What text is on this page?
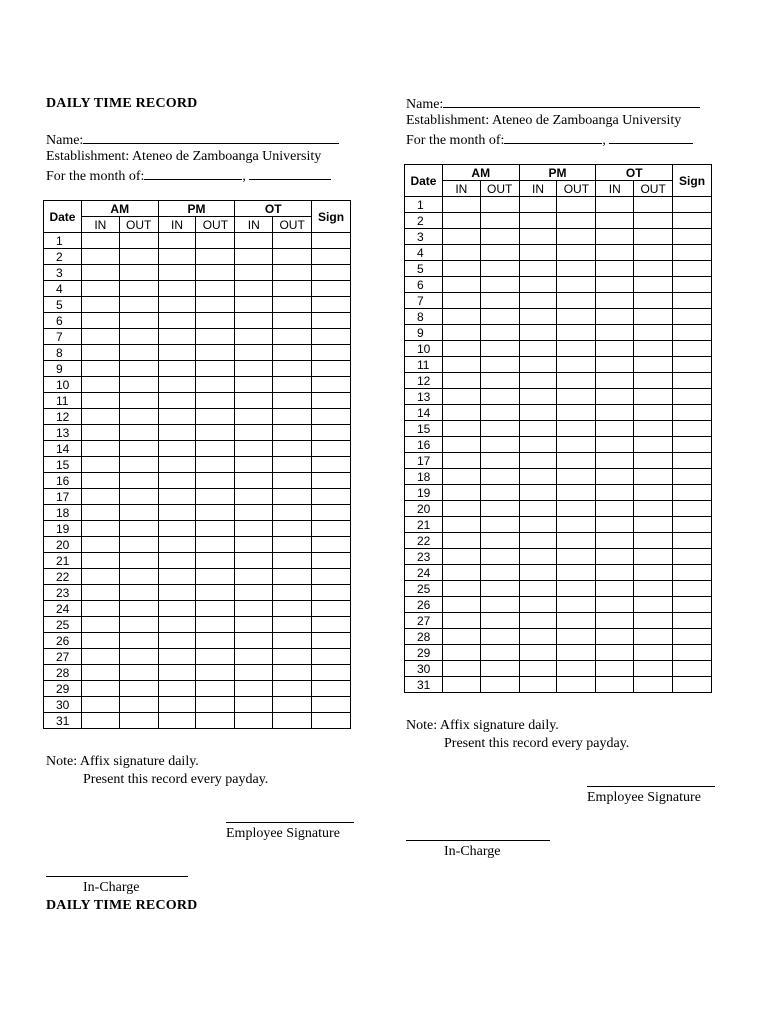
DAILY TIME RECORD
Name:
Establishment: Ateneo de Zamboanga University
For the month of:	,
Date	AM		PM		OT		Sign
	IN	OUT	IN	OUT	IN	OUT	
1							
2							
3							
4							
5							
6							
7							
8							
9							
10							
11							
12							
13							
14							
15							
16							
17							
18							
19							
20							
21							
22							
23							
24							
25							
26							
27							
28							
29							
30							
31							
Note: Affix signature daily.
Present this record every payday.
Employee Signature
In-Charge
DAILY TIME RECORD
Name:
Establishment: Ateneo de Zamboanga University
For the month of:	,
Date	AM		PM		OT		Sign
	IN	OUT	IN	OUT	IN	OUT	
1							
2							
3							
4							
5							
6							
7							
8							
9							
10							
11							
12							
13							
14							
15							
16							
17							
18							
19							
20							
21							
22							
23							
24							
25							
26							
27							
28							
29							
30							
31							
Note: Affix signature daily.
Present this record every payday.
Employee Signature
In-Charge
